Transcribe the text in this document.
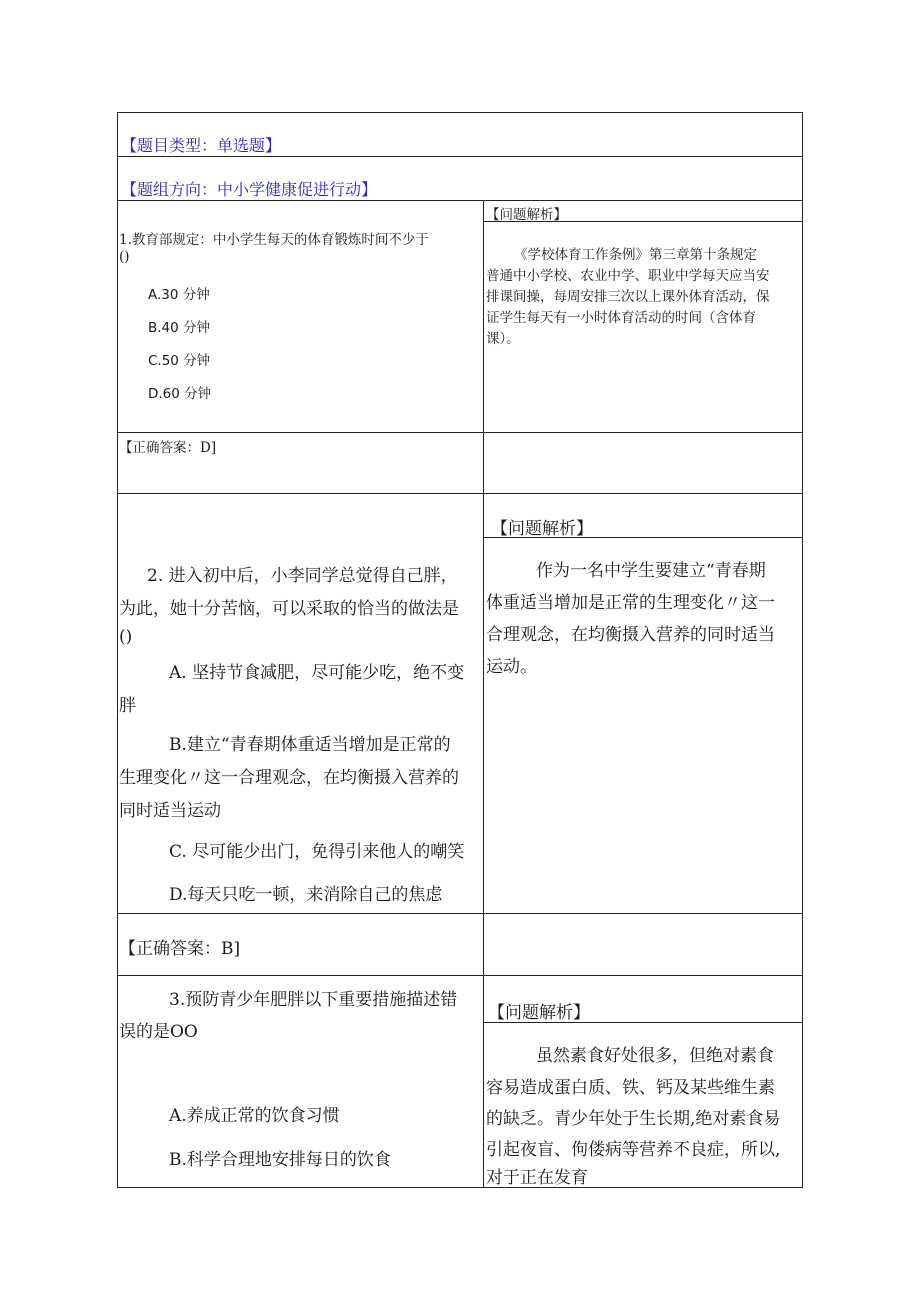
【题目类型：单选题】
【题组方向：中小学健康促进行动】
1.教育部规定：中小学生每天的体育锻炼时间不少于
()
A.30 分钟
B.40 分钟
C.50 分钟
D.60 分钟
【正确答案：D]
【问题解析】
《学校体育工作条例》第三章第十条规定
普通中小学校、农业中学、职业中学每天应当安
排课间操，每周安排三次以上课外体育活动，保
证学生每天有一小时体育活动的时间（含体育
课）。
2. 进入初中后，小李同学总觉得自己胖，
为此，她十分苦恼，可以采取的恰当的做法是
()
A. 坚持节食减肥，尽可能少吃，绝不变
胖
B.建立“青春期体重适当增加是正常的
生理变化〃这一合理观念，在均衡摄入营养的
同时适当运动
C. 尽可能少出门，免得引来他人的嘲笑
D.每天只吃一顿，来消除自己的焦虑
【正确答案：B]
【问题解析】
作为一名中学生要建立“青春期
体重适当增加是正常的生理变化〃这一
合理观念，在均衡摄入营养的同时适当
运动。
3.预防青少年肥胖以下重要措施描述错
误的是OO
A.养成正常的饮食习惯
B.科学合理地安排每日的饮食
【问题解析】
虽然素食好处很多，但绝对素食
容易造成蛋白质、铁、钙及某些维生素
的缺乏。青少年处于生长期,绝对素食易
引起夜盲、佝偻病等营养不良症，所以,
对于正在发育
